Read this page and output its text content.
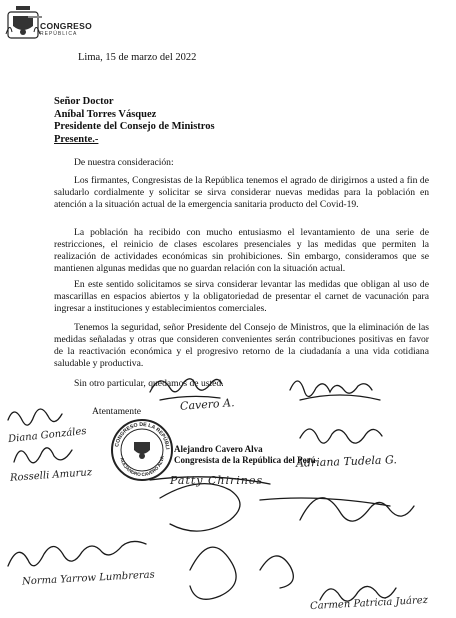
CONGRESO
REPÚBLICA
Lima, 15 de marzo del 2022
Señor Doctor
Aníbal Torres Vásquez
Presidente del Consejo de Ministros
Presente.-
De nuestra consideración:
Los firmantes, Congresistas de la República tenemos el agrado de dirigirnos a usted a fin de saludarlo cordialmente y solicitar se sirva considerar nuevas medidas para la población en atención a la situación actual de la emergencia sanitaria producto del Covid-19.
La población ha recibido con mucho entusiasmo el levantamiento de una serie de restricciones, el reinicio de clases escolares presenciales y las medidas que permiten la realización de actividades económicas sin prohibiciones. Sin embargo, consideramos que se mantienen algunas medidas que no guardan relación con la situación actual.
En este sentido solicitamos se sirva considerar levantar las medidas que obligan al uso de mascarillas en espacios abiertos y la obligatoriedad de presentar el carnet de vacunación para ingresar a instituciones y establecimientos comerciales.
Tenemos la seguridad, señor Presidente del Consejo de Ministros, que la eliminación de las medidas señaladas y otras que consideren convenientes serán contribuciones positivas en favor de la reactivación económica y el progresivo retorno de la ciudadanía a una vida cotidiana saludable y productiva.
Sin otro particular, quedamos de usted.
Atentamente
Diana Gonzáles
Rosselli Amuruz
Norma Yarrow Lumbreras
Patty Chirinos
Adriana Tudela G.
Carmen Patricia Juárez
Cavero A.
CONGRESO DE LA REPÚBLI
ALEJANDRO CAVERO ALVA
Alejandro Cavero Alva
Congresista de la República del Perú
